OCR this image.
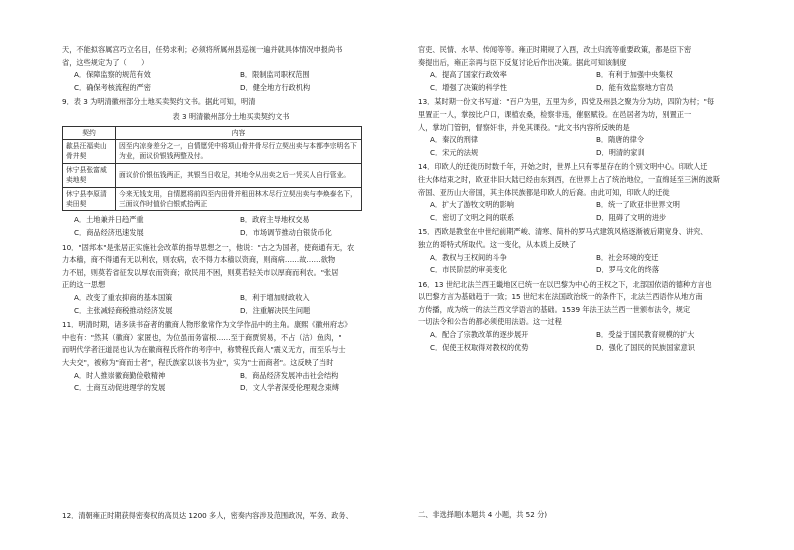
天，不能拟容属宫巧立名目，任势求利；必须将所属州县巡视一遍并就具体情况申报尚书

省，这些规定为了（　　）

A．保障监察的规范有效	B．限制监司职权范围
C．确保考核流程的严密	D．健全地方行政机构

9．表 3 为明清徽州部分土地买卖契约文书。据此可知，明清

表 3 明清徽州部分土地买卖契约文书

契约	内容
歙县汪福卖山骨井契	因至内凉身差分之一，自情愿凭中将项山骨井骨尽行立契出卖与本都李宗明名下为业，面议价银钱两整及付。
休宁县张富威卖地契	面议价价银伍钱两正，其银当日收足，其地令从出卖之后一凭买人自行管业。
休宁县李原清卖田契	今来无钱支用，自情愿将前四至内田骨并租田林木尽行立契出卖与李焕泰名下，三面议作时值价白银贰拾两正
A．土地兼并日趋严重	B．政府主导地权交易
C．商品经济迅速发展	D．市场调节推动白银货币化

10．"固邦本"是张居正实施社会改革的指导思想之一，他说："古之为国者，使商通有无，农

力本穑，商不得通有无以利农，则农病，农不得力本穑以资商，则商病……故……欲物

力不屈，则莫若省征发以厚农而资商；欲民用不困，则莫若轻关市以厚商而利农。"张居

正的这一思想

A．改变了重农抑商的基本国策	B．利于增加财政收入
C．主张减轻商税推动经济发展	D．注重解决民生问题

11．明清时期，诸多读书奋者的徽商人物形象常作为文学作品中的主角。康熙《徽州府志》

中也有："然其（徽商）家匿也，为位虽而务富根……至于商贾贸易，不占（沽）鱼肉，"

而明代学者汪道昆也认为在徽商程氏将作的考序中，称赞程氏商人"震义无方，而至乐与士

大夫交"，被称为"商而士者"，程氏族家以该书为业"，实为"士而商者"。这反映了当时

A．时人推崇徽商勤俭敬精神	B．商品经济发展冲击社会结构
C．士商互动促进理学的发展	D．文人学者深受伦理观念束缚

12．清朝雍正时期获得密奏权的高员达 1200 多人，密奏内容涉及范围政况，军务、政务、

官吏、民情、水旱、传闻等等。雍正时期规了入酉，改土归流等重要政策，都是臣下密

奏提出后，雍正亲再与臣下反复讨论后作出决策。据此可知该制度

A．提高了国家行政效率	B．有利于加强中央集权
C．增强了决策的科学性	D．能有效监察地方官员

13．某时期一份文书写道："百户为里，五里为乡，四党及州县之聚为分为坊，四阶为村；"每

里置正一人，掌按比户口，课植农桑，检察非违，催驱赋役。在邑居者为坊，别置正一

人，掌坊门管钥，督察奸非，并免其课役。"此文书内容所反映的是

A．秦汉的刑律	B．隋唐的律令
C．宋元的法规	D．明清的家训

14．印欧人的迁徙历时数千年，开始之时，世界上只有零星存在的个别文明中心。印欧人迁

往大体结束之时，欧亚非旧大陆已经由东到西，在世界上占了统治地位，一直绵延至三洲的波斯

帝国、亚历山大帝国，其主体民族都是印欧人的后裔。由此可知，印欧人的迁徙

A．扩大了游牧文明的影响	B．统一了欧亚非世界文明
C．密切了文明之间的联系	D．阻碍了文明的进步

15．西欧是教堂在中世纪前期严峻、清寒、简朴的罗马式建筑风格逐渐被后期宽身、讲究、

独立的哥特式所取代。这一变化，从本质上反映了

A．教权与王权间的斗争	B．社会环境的变迁
C．市民阶层的审美变化	D．罗马文化的终落

16．13 世纪北法兰西王畿地区已统一在以巴黎为中心的王权之下，北部国依语的德种方言也

以巴黎方言为基础趋于一致；15 世纪末在法国政治统一的条件下，北法兰西语作从地方南

方传播，成为统一的法兰西文学语言的基础。1539 年法王法兰西一世颁布法令，规定

一切法令和公告的都必须使用法语。这一过程

A．配合了宗教改革的逐步展开	B．受益于国民教育规模的扩大
C．促使王权取得对教权的优势	D．强化了国民的民族国家意识

二、非选择题(本题共 4 小题，共 52 分)
